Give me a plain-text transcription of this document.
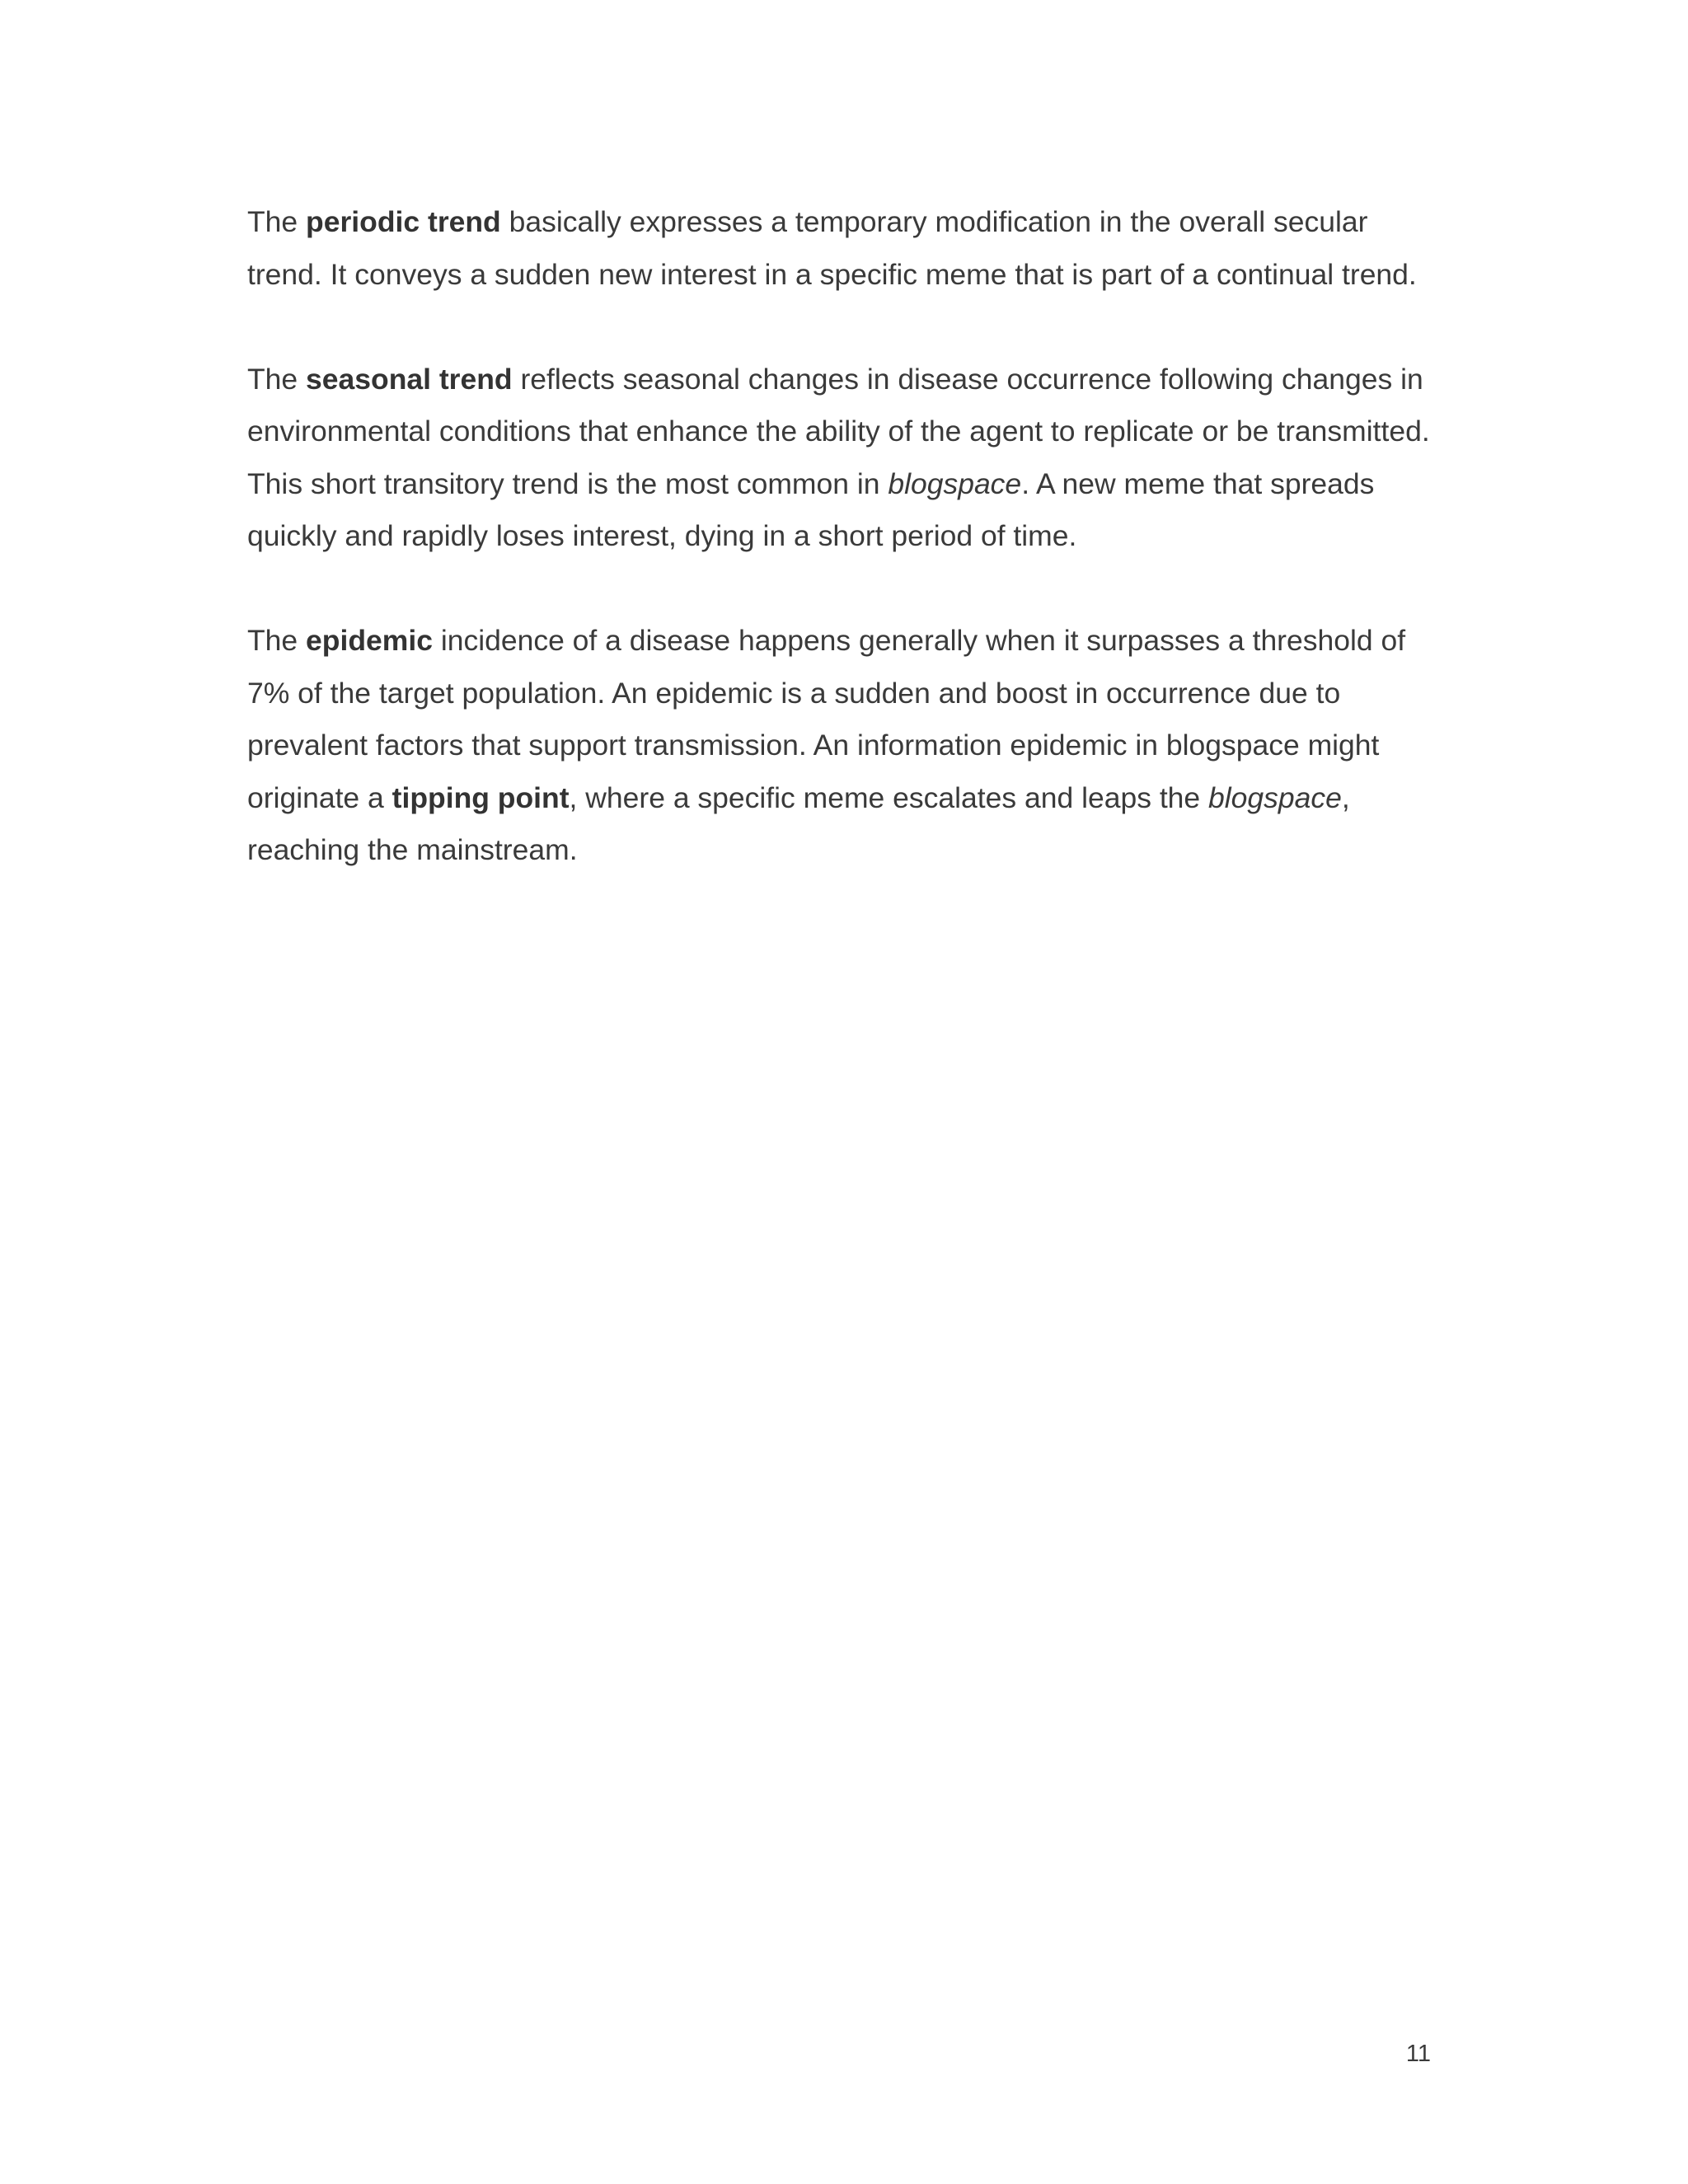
The periodic trend basically expresses a temporary modification in the overall secular trend. It conveys a sudden new interest in a specific meme that is part of a continual trend.

The seasonal trend reflects seasonal changes in disease occurrence following changes in environmental conditions that enhance the ability of the agent to replicate or be transmitted. This short transitory trend is the most common in blogspace. A new meme that spreads quickly and rapidly loses interest, dying in a short period of time.

The epidemic incidence of a disease happens generally when it surpasses a threshold of 7% of the target population. An epidemic is a sudden and boost in occurrence due to prevalent factors that support transmission. An information epidemic in blogspace might originate a tipping point, where a specific meme escalates and leaps the blogspace, reaching the mainstream.

11
